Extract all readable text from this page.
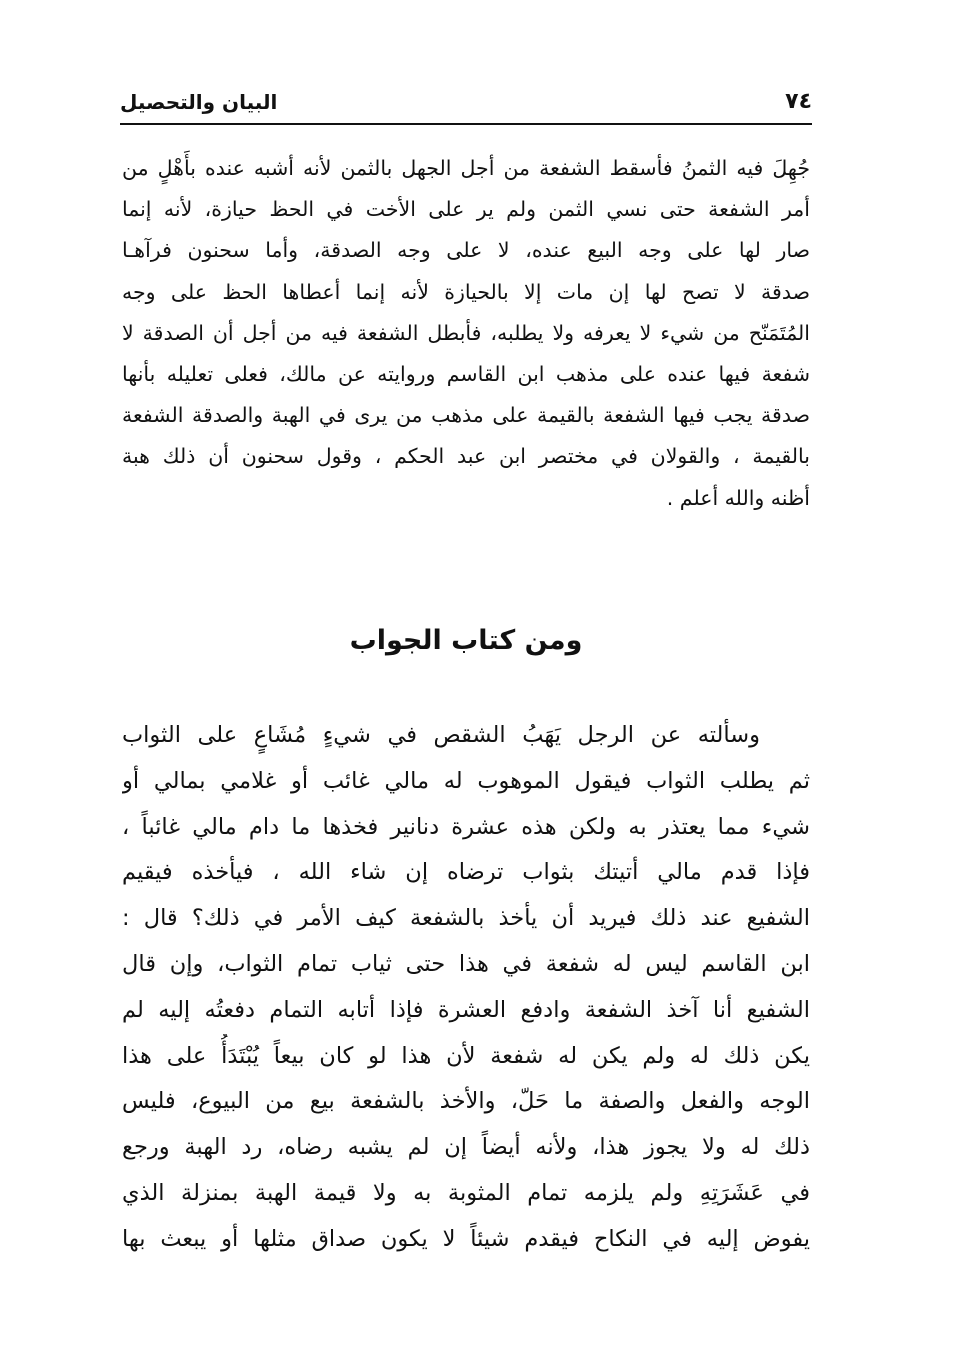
٧٤
البيان والتحصيل
جُهِلَ فيه الثمنُ فأسقط الشفعة من أجل الجهل بالثمن لأنه أشبه عنده بأَهْلٍ من
أمر الشفعة حتى نسي الثمن ولم ير على الأخت في الحظ حيازة، لأنه إنما
صار لها على وجه البيع عنده، لا على وجه الصدقة، وأما سحنون فرآهـا
صدقة لا تصح لها إن مات إلا بالحيازة لأنه إنما أعطاها الحظ على وجه
المُتَمَنّح من شيء لا يعرفه ولا يطلبه، فأبطل الشفعة فيه من أجل أن الصدقة لا
شفعة فيها عنده على مذهب ابن القاسم وروايته عن مالك، فعلى تعليله بأنها
صدقة يجب فيها الشفعة بالقيمة على مذهب من يرى في الهبة والصدقة الشفعة
بالقيمة ، والقولان في مختصر ابن عبد الحكم ، وقول سحنون أن ذلك هبة
أظنه والله أعلم .
ومن كتاب الجواب
وسألته عن الرجل يَهَبُ الشقص في شيءٍ مُشَاعٍ على الثواب
ثم يطلب الثواب فيقول الموهوب له مالي غائب أو غلامي بمالي أو
شيء مما يعتذر به ولكن هذه عشرة دنانير فخذها ما دام مالي غائباً ،
فإذا قدم مالي أتيتك بثواب ترضاه إن شاء الله ، فيأخذه فيقيم
الشفيع عند ذلك فيريد أن يأخذ بالشفعة كيف الأمر في ذلك؟ قال :
ابن القاسم ليس له شفعة في هذا حتى ثياب تمام الثواب، وإن قال
الشفيع أنا آخذ الشفعة وادفع العشرة فإذا أتابه التمام دفعتُه إليه لم
يكن ذلك له ولم يكن له شفعة لأن هذا لو كان بيعاً يُبْتَدَأُ على هذا
الوجه والفعل والصفة ما حَلّ، والأخذ بالشفعة بيع من البيوع، فليس
ذلك له ولا يجوز هذا، ولأنه أيضاً إن لم يشبه رضاه، رد الهبة ورجع
في عَشَرَتِهِ ولم يلزمه تمام المثوبة به ولا قيمة الهبة بمنزلة الذي
يفوض إليه في النكاح فيقدم شيئاً لا يكون صداق مثلها أو يبعث بها
